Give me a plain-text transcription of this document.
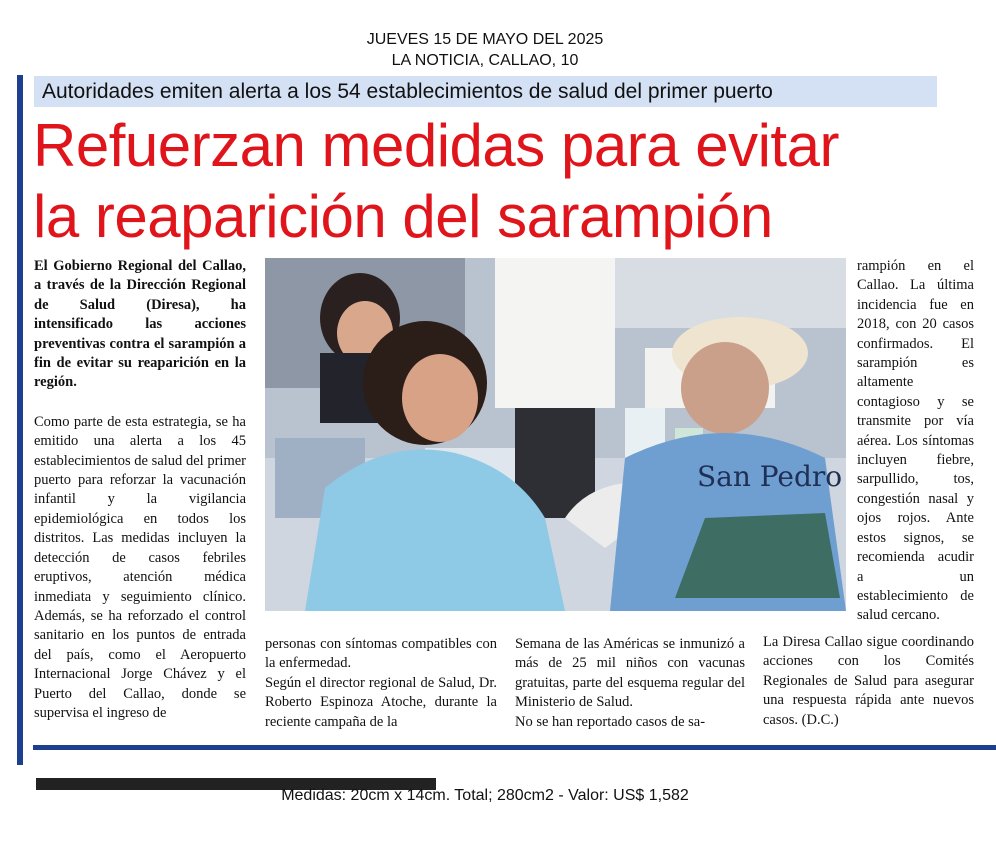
JUEVES 15 DE MAYO DEL 2025
LA NOTICIA, CALLAO, 10
Autoridades emiten alerta a los 54 establecimientos de salud del primer puerto
Refuerzan medidas para evitar
la reaparición del sarampión

El Gobierno Regional del Callao, a través de la Dirección Regional de Salud (Diresa), ha intensificado las acciones preventivas contra el sarampión a fin de evitar su reaparición en la región.

Como parte de esta estrategia, se ha emitido una alerta a los 45 establecimientos de salud del primer puerto para reforzar la vacunación infantil y la vigilancia epidemiológica en todos los distritos. Las medidas incluyen la detección de casos febriles eruptivos, atención médica inmediata y seguimiento clínico. Además, se ha reforzado el control sanitario en los puntos de entrada del país, como el Aeropuerto Internacional Jorge Chávez y el Puerto del Callao, donde se supervisa el ingreso de

San Pedro

personas con síntomas compatibles con la enfermedad.

Según el director regional de Salud, Dr. Roberto Espinoza Atoche, durante la reciente campaña de la

Semana de las Américas se inmunizó a más de 25 mil niños con vacunas gratuitas, parte del esquema regular del Ministerio de Salud.

No se han reportado casos de sa-

rampión en el Callao. La última incidencia fue en 2018, con 20 casos confirmados. El sarampión es altamente contagioso y se transmite por vía aérea. Los síntomas incluyen fiebre, sarpullido, tos, congestión nasal y ojos rojos. Ante estos signos, se recomienda acudir a un establecimiento de salud cercano.

La Diresa Callao sigue coordinando acciones con los Comités Regionales de Salud para asegurar una respuesta rápida ante nuevos casos. (D.C.)

▬▬▬▬▬▬▬▬▬▬
Medidas: 20cm x 14cm. Total; 280cm2 - Valor: US$ 1,582
